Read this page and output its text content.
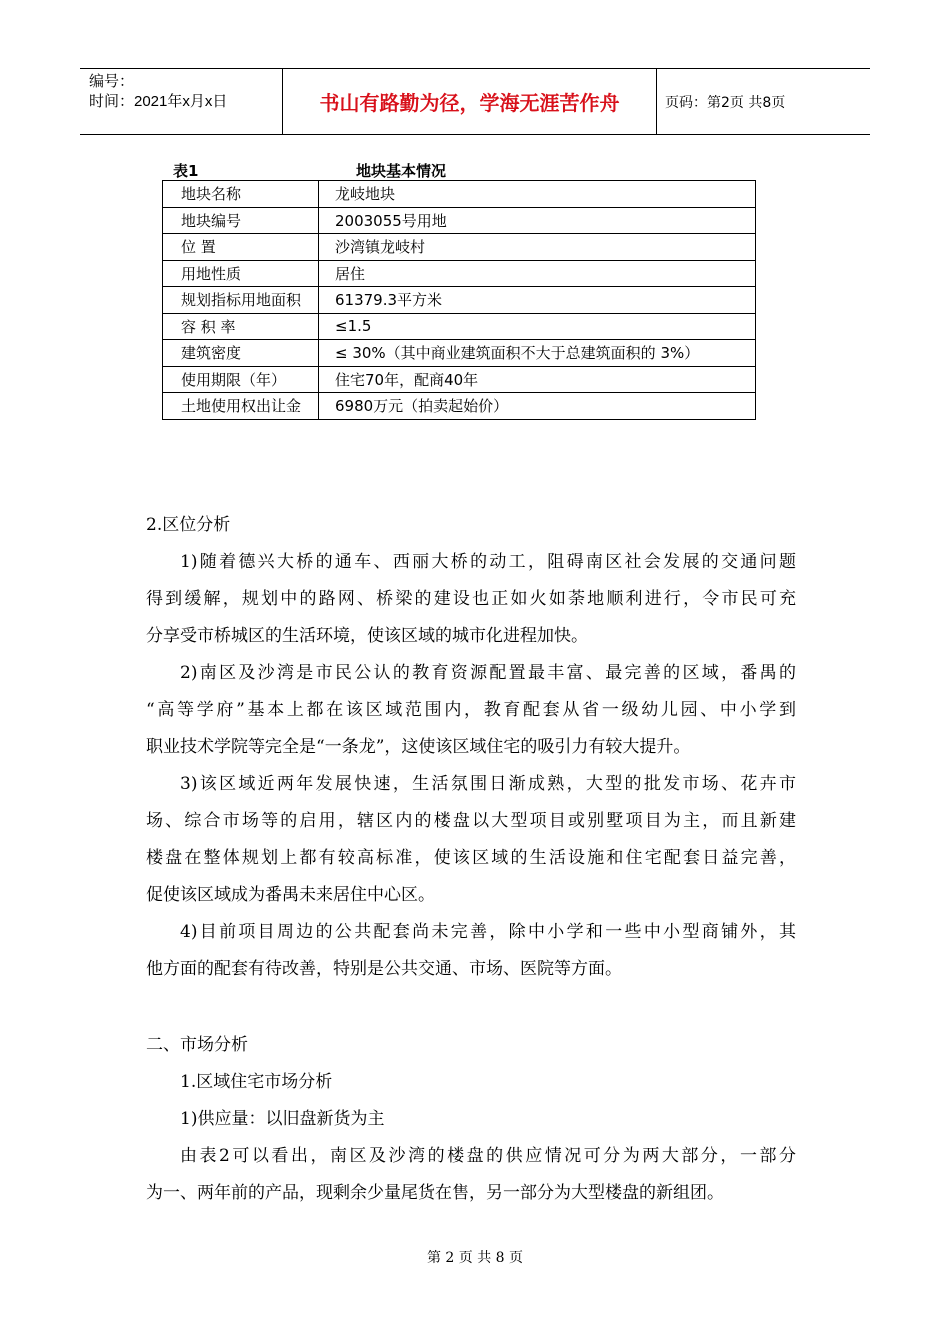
编号：
时间：2021年x月x日	书山有路勤为径，学海无涯苦作舟	页码：第2页 共8页
表1	地块基本情况
地块名称	龙岐地块
地块编号	2003055号用地
位 置	沙湾镇龙岐村
用地性质	居住
规划指标用地面积	61379.3平方米
容 积 率	≤1.5
建筑密度	≤ 30%（其中商业建筑面积不大于总建筑面积的 3%）
使用期限（年）	住宅70年，配商40年
土地使用权出让金	6980万元（拍卖起始价）
2.区位分析
1)随着德兴大桥的通车、西丽大桥的动工，阻碍南区社会发展的交通问题
得到缓解，规划中的路网、桥梁的建设也正如火如荼地顺利进行，令市民可充
分享受市桥城区的生活环境，使该区域的城市化进程加快。
2)南区及沙湾是市民公认的教育资源配置最丰富、最完善的区域，番禺的
“高等学府”基本上都在该区域范围内，教育配套从省一级幼儿园、中小学到
职业技术学院等完全是“一条龙”，这使该区域住宅的吸引力有较大提升。
3)该区域近两年发展快速，生活氛围日渐成熟，大型的批发市场、花卉市
场、综合市场等的启用，辖区内的楼盘以大型项目或别墅项目为主，而且新建
楼盘在整体规划上都有较高标准，使该区域的生活设施和住宅配套日益完善，
促使该区域成为番禺未来居住中心区。
4)目前项目周边的公共配套尚未完善，除中小学和一些中小型商铺外，其
他方面的配套有待改善，特别是公共交通、市场、医院等方面。
二、市场分析
1.区域住宅市场分析
1)供应量：以旧盘新货为主
由表2可以看出，南区及沙湾的楼盘的供应情况可分为两大部分，一部分
为一、两年前的产品，现剩余少量尾货在售，另一部分为大型楼盘的新组团。
第 2 页 共 8 页
